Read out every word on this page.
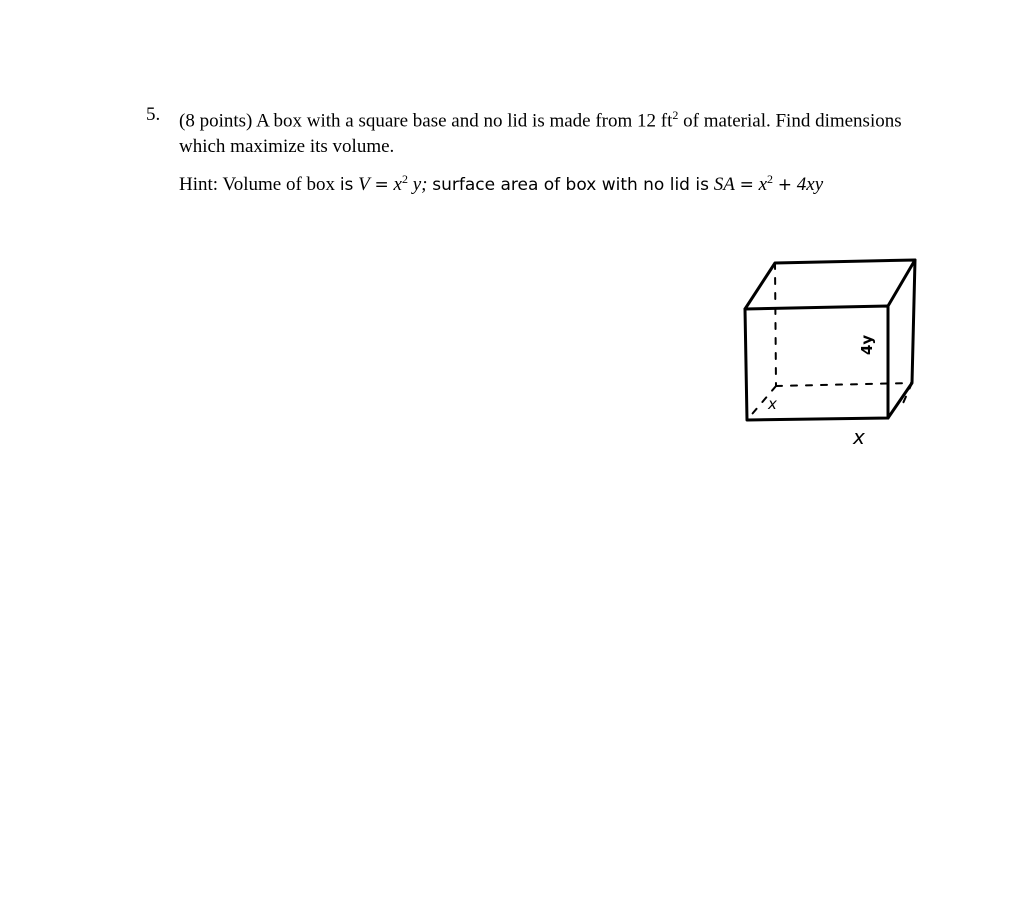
5. (8 points) A box with a square base and no lid is made from 12 $ft^2$ of material. Find dimensions which maximize its volume.
Hint: Volume of box is $V = x^2$ y; surface area of box with no lid is SA = $x^2 + 4xy$
x
x
4y
